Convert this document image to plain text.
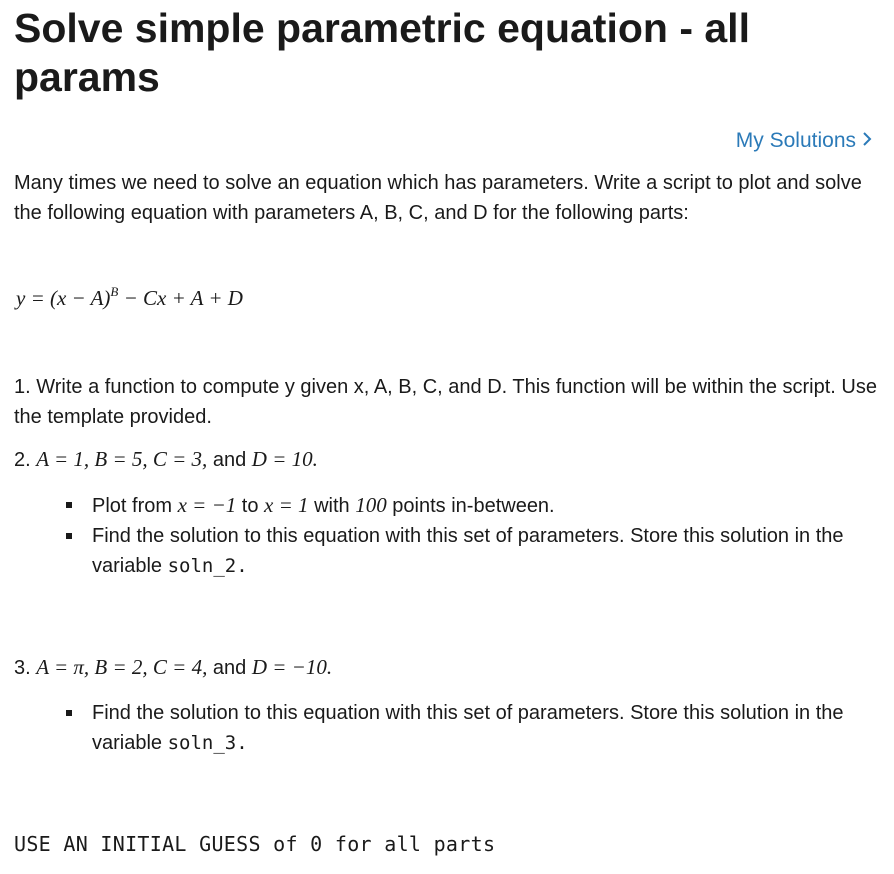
Solve simple parametric equation - all params
My Solutions
Many times we need to solve an equation which has parameters. Write a script to plot and solve the following equation with parameters A, B, C, and D for the following parts:
$y = (x - A)^B - Cx + A + D$
1. Write a function to compute y given x, A, B, C, and D. This function will be within the script. Use the template provided.
2. A = 1, B = 5, C = 3, and D = 10.
Plot from x = −1 to x = 1 with 100 points in-between.
Find the solution to this equation with this set of parameters. Store this solution in the variable soln_2.
3. A = π, B = 2, C = 4, and D = −10.
Find the solution to this equation with this set of parameters. Store this solution in the variable soln_3.
USE AN INITIAL GUESS of 0 for all parts
